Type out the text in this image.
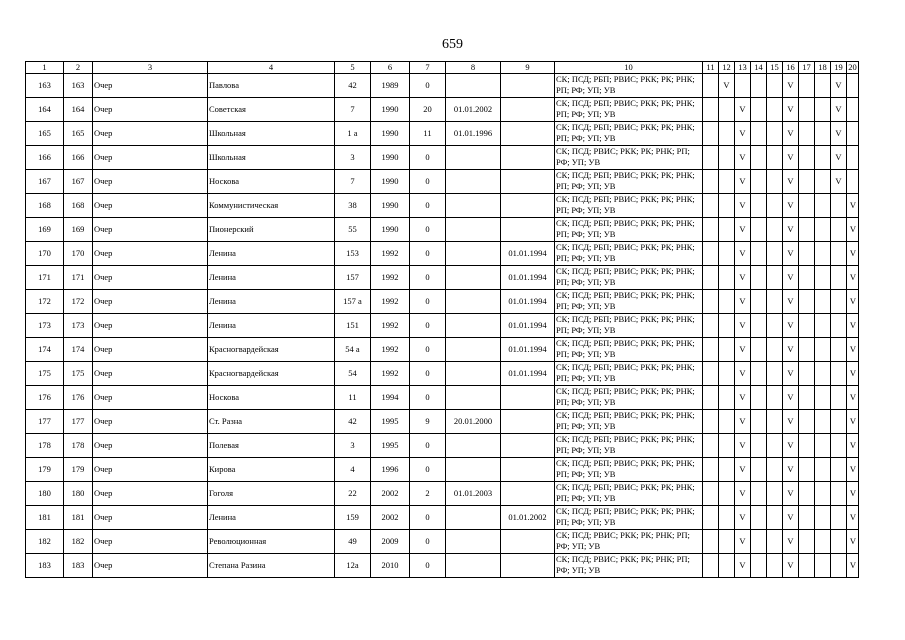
659
1	2	3	4	5	6	7	8	9	10	11	12	13	14	15	16	17	18	19	20
163	163	Очер	Павлова	42	1989	0			СК; ПСД; РБП; РВИС; РКК; РК; РНК; РП; РФ; УП; УВ		V				V			V	
164	164	Очер	Советская	7	1990	20	01.01.2002		СК; ПСД; РБП; РВИС; РКК; РК; РНК; РП; РФ; УП; УВ			V			V			V	
165	165	Очер	Школьная	1 а	1990	11	01.01.1996		СК; ПСД; РБП; РВИС; РКК; РК; РНК; РП; РФ; УП; УВ			V			V			V	
166	166	Очер	Школьная	3	1990	0			СК; ПСД; РВИС; РКК; РК; РНК; РП; РФ; УП; УВ			V			V			V	
167	167	Очер	Носкова	7	1990	0			СК; ПСД; РБП; РВИС; РКК; РК; РНК; РП; РФ; УП; УВ			V			V			V	
168	168	Очер	Коммунистическая	38	1990	0			СК; ПСД; РБП; РВИС; РКК; РК; РНК; РП; РФ; УП; УВ			V			V				V
169	169	Очер	Пионерский	55	1990	0			СК; ПСД; РБП; РВИС; РКК; РК; РНК; РП; РФ; УП; УВ			V			V				V
170	170	Очер	Ленина	153	1992	0		01.01.1994	СК; ПСД; РБП; РВИС; РКК; РК; РНК; РП; РФ; УП; УВ			V			V				V
171	171	Очер	Ленина	157	1992	0		01.01.1994	СК; ПСД; РБП; РВИС; РКК; РК; РНК; РП; РФ; УП; УВ			V			V				V
172	172	Очер	Ленина	157 а	1992	0		01.01.1994	СК; ПСД; РБП; РВИС; РКК; РК; РНК; РП; РФ; УП; УВ			V			V				V
173	173	Очер	Ленина	151	1992	0		01.01.1994	СК; ПСД; РБП; РВИС; РКК; РК; РНК; РП; РФ; УП; УВ			V			V				V
174	174	Очер	Красногвардейская	54 а	1992	0		01.01.1994	СК; ПСД; РБП; РВИС; РКК; РК; РНК; РП; РФ; УП; УВ			V			V				V
175	175	Очер	Красногвардейская	54	1992	0		01.01.1994	СК; ПСД; РБП; РВИС; РКК; РК; РНК; РП; РФ; УП; УВ			V			V				V
176	176	Очер	Носкова	11	1994	0			СК; ПСД; РБП; РВИС; РКК; РК; РНК; РП; РФ; УП; УВ			V			V				V
177	177	Очер	Ст. Разна	42	1995	9	20.01.2000		СК; ПСД; РБП; РВИС; РКК; РК; РНК; РП; РФ; УП; УВ			V			V				V
178	178	Очер	Полевая	3	1995	0			СК; ПСД; РБП; РВИС; РКК; РК; РНК; РП; РФ; УП; УВ			V			V				V
179	179	Очер	Кирова	4	1996	0			СК; ПСД; РБП; РВИС; РКК; РК; РНК; РП; РФ; УП; УВ			V			V				V
180	180	Очер	Гоголя	22	2002	2	01.01.2003		СК; ПСД; РБП; РВИС; РКК; РК; РНК; РП; РФ; УП; УВ			V			V				V
181	181	Очер	Ленина	159	2002	0		01.01.2002	СК; ПСД; РБП; РВИС; РКК; РК; РНК; РП; РФ; УП; УВ			V			V				V
182	182	Очер	Революционная	49	2009	0			СК; ПСД; РВИС; РКК; РК; РНК; РП; РФ; УП; УВ			V			V				V
183	183	Очер	Степана Разина	12а	2010	0			СК; ПСД; РВИС; РКК; РК; РНК; РП; РФ; УП; УВ			V			V				V
